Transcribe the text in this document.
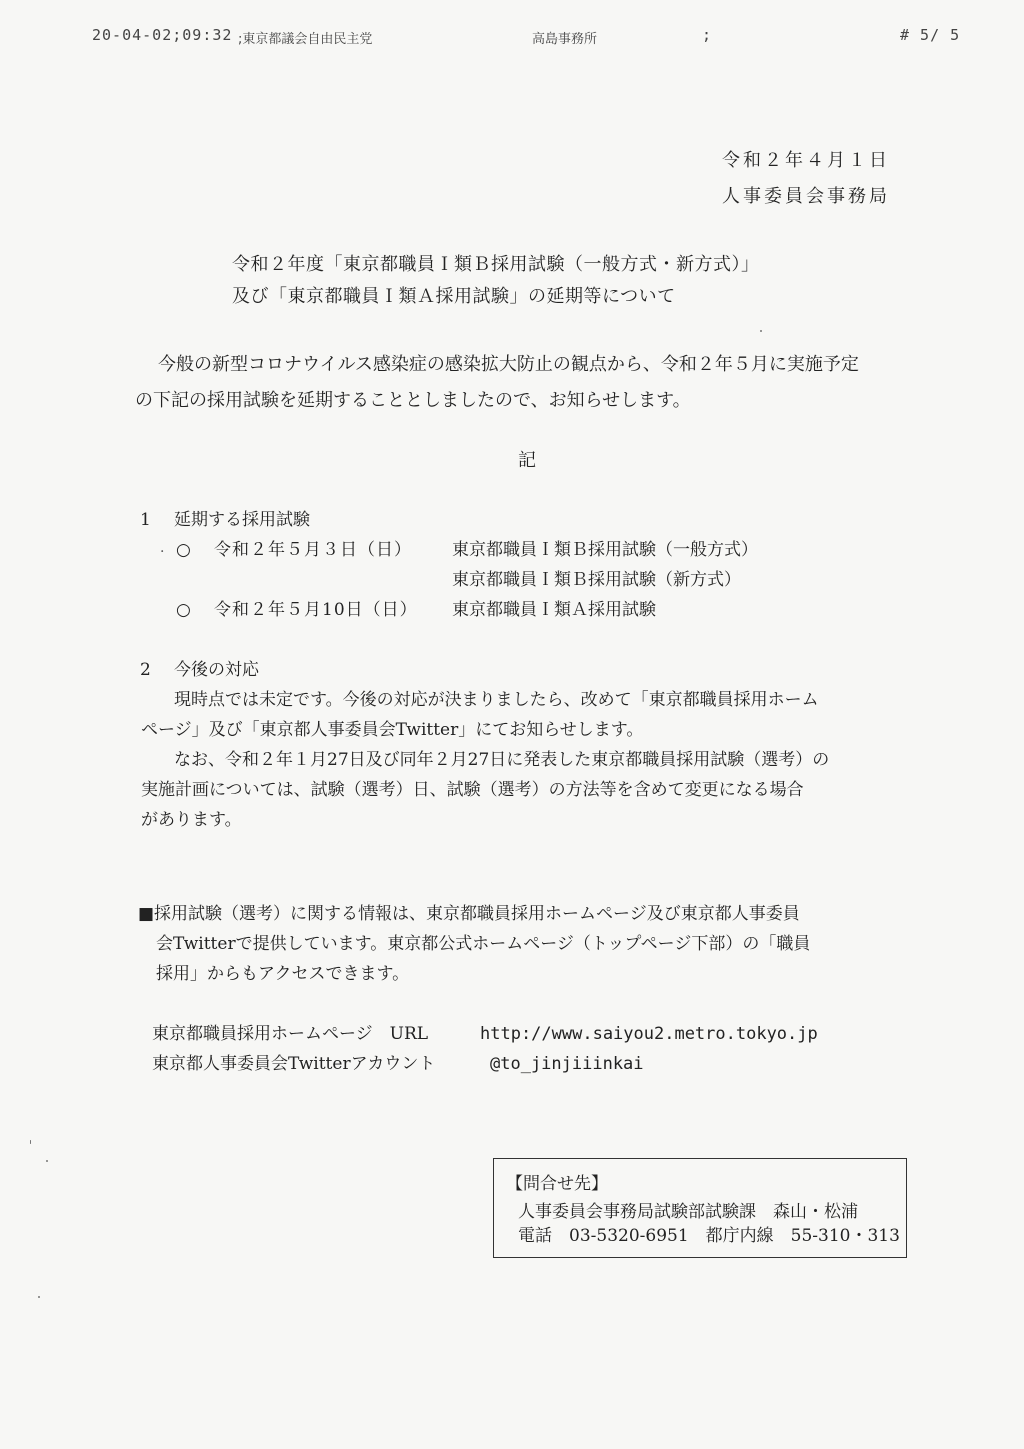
20-04-02;09:32 ;東京都議会自由民主党	高島事務所	;	# 5/ 5
令和２年４月１日
人事委員会事務局
令和２年度「東京都職員Ｉ類Ｂ採用試験（一般方式・新方式）」
及び「東京都職員Ｉ類Ａ採用試験」の延期等について
今般の新型コロナウイルス感染症の感染拡大防止の観点から、令和２年５月に実施予定
の下記の採用試験を延期することとしましたので、お知らせします。
記
1 延期する採用試験
· ○ 令和２年５月３日（日） 東京都職員Ｉ類Ｂ採用試験（一般方式）
東京都職員Ｉ類Ｂ採用試験（新方式）
○ 令和２年５月10日（日） 東京都職員Ｉ類Ａ採用試験
2 今後の対応
現時点では未定です。今後の対応が決まりましたら、改めて「東京都職員採用ホーム
ページ」及び「東京都人事委員会Twitter」にてお知らせします。
なお、令和２年１月27日及び同年２月27日に発表した東京都職員採用試験（選考）の
実施計画については、試験（選考）日、試験（選考）の方法等を含めて変更になる場合
があります。
■採用試験（選考）に関する情報は、東京都職員採用ホームページ及び東京都人事委員
会Twitterで提供しています。東京都公式ホームページ（トップページ下部）の「職員
採用」からもアクセスできます。
東京都職員採用ホームページ　URL	http://www.saiyou2.metro.tokyo.jp
東京都人事委員会Twitterアカウント	@to_jinjiiinkai
【問合せ先】
人事委員会事務局試験部試験課　森山・松浦
電話　03-5320-6951　都庁内線　55-310・313
